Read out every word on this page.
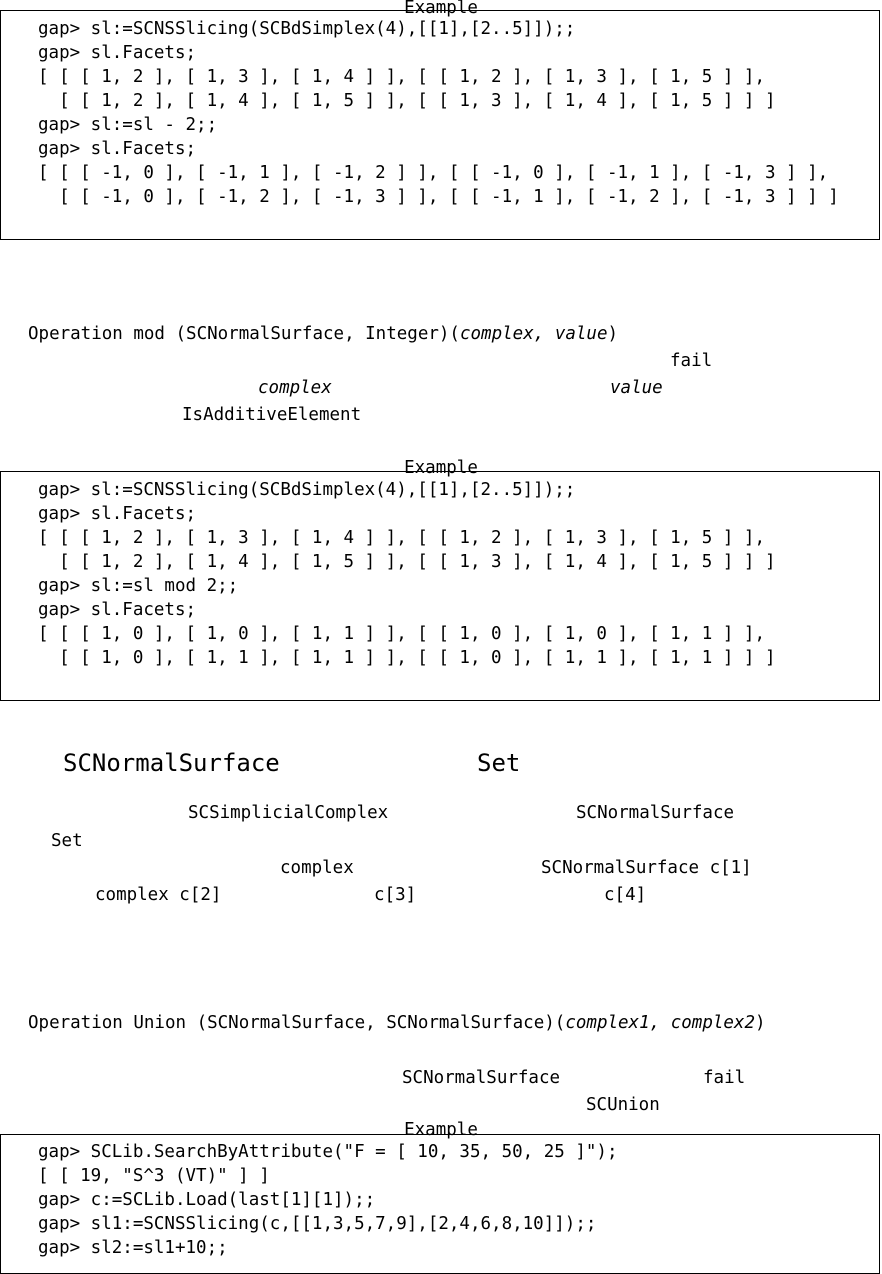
Example
gap> sl:=SCNSSlicing(SCBdSimplex(4),[[1],[2..5]]);;
gap> sl.Facets;
[ [ [ 1, 2 ], [ 1, 3 ], [ 1, 4 ] ], [ [ 1, 2 ], [ 1, 3 ], [ 1, 5 ] ],
[ [ 1, 2 ], [ 1, 4 ], [ 1, 5 ] ], [ [ 1, 3 ], [ 1, 4 ], [ 1, 5 ] ] ]
gap> sl:=sl - 2;;
gap> sl.Facets;
[ [ [ -1, 0 ], [ -1, 1 ], [ -1, 2 ] ], [ [ -1, 0 ], [ -1, 1 ], [ -1, 3 ] ],
[ [ -1, 0 ], [ -1, 2 ], [ -1, 3 ] ], [ [ -1, 1 ], [ -1, 2 ], [ -1, 3 ] ] ]
Operation mod (SCNormalSurface, Integer)(complex, value)
fail
complex	value
IsAdditiveElement
Example
gap> sl:=SCNSSlicing(SCBdSimplex(4),[[1],[2..5]]);;
gap> sl.Facets;
[ [ [ 1, 2 ], [ 1, 3 ], [ 1, 4 ] ], [ [ 1, 2 ], [ 1, 3 ], [ 1, 5 ] ],
[ [ 1, 2 ], [ 1, 4 ], [ 1, 5 ] ], [ [ 1, 3 ], [ 1, 4 ], [ 1, 5 ] ] ]
gap> sl:=sl mod 2;;
gap> sl.Facets;
[ [ [ 1, 0 ], [ 1, 0 ], [ 1, 1 ] ], [ [ 1, 0 ], [ 1, 0 ], [ 1, 1 ] ],
[ [ 1, 0 ], [ 1, 1 ], [ 1, 1 ] ], [ [ 1, 0 ], [ 1, 1 ], [ 1, 1 ] ] ]
SCNormalSurface	Set
SCSimplicialComplex	SCNormalSurface
Set
complex	SCNormalSurface c[1]
complex c[2]	c[3]	c[4]
Operation Union (SCNormalSurface, SCNormalSurface)(complex1, complex2)
SCNormalSurface	fail
SCUnion
Example
gap> SCLib.SearchByAttribute("F = [ 10, 35, 50, 25 ]");
[ [ 19, "S^3 (VT)" ] ]
gap> c:=SCLib.Load(last[1][1]);;
gap> sl1:=SCNSSlicing(c,[[1,3,5,7,9],[2,4,6,8,10]]);;
gap> sl2:=sl1+10;;
